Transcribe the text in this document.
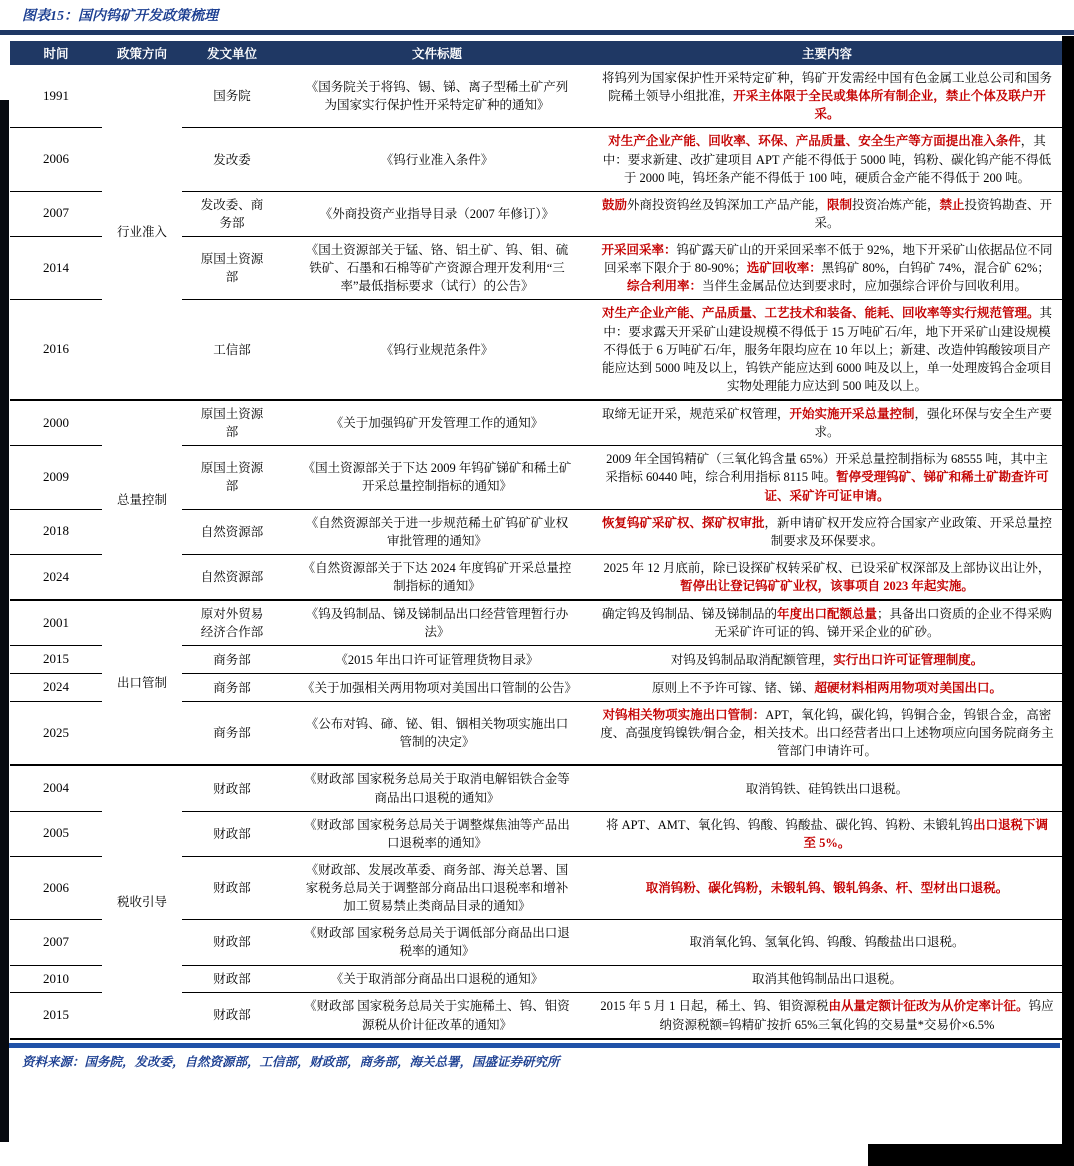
图表15：国内钨矿开发政策梳理
时间	政策方向	发文单位	文件标题	主要内容
1991	行业准入	国务院	《国务院关于将钨、锡、锑、离子型稀土矿产列为国家实行保护性开采特定矿种的通知》	将钨列为国家保护性开采特定矿种，钨矿开发需经中国有色金属工业总公司和国务院稀土领导小组批准，开采主体限于全民或集体所有制企业，禁止个体及联户开采。
2006		发改委	《钨行业准入条件》	对生产企业产能、回收率、环保、产品质量、安全生产等方面提出准入条件，其中：要求新建、改扩建项目 APT 产能不得低于 5000 吨，钨粉、碳化钨产能不得低于 2000 吨，钨坯条产能不得低于 100 吨，硬质合金产能不得低于 200 吨。
2007		发改委、商务部	《外商投资产业指导目录（2007 年修订）》	鼓励外商投资钨丝及钨深加工产品产能，限制投资冶炼产能，禁止投资钨勘查、开采。
2014		原国土资源部	《国土资源部关于锰、铬、铝土矿、钨、钼、硫铁矿、石墨和石棉等矿产资源合理开发利用“三率”最低指标要求（试行）的公告》	开采回采率：钨矿露天矿山的开采回采率不低于 92%，地下开采矿山依据品位不同回采率下限介于 80-90%；选矿回收率：黑钨矿 80%，白钨矿 74%，混合矿 62%；综合利用率：当伴生金属品位达到要求时，应加强综合评价与回收利用。
2016		工信部	《钨行业规范条件》	对生产企业产能、产品质量、工艺技术和装备、能耗、回收率等实行规范管理。其中：要求露天开采矿山建设规模不得低于 15 万吨矿石/年，地下开采矿山建设规模不得低于 6 万吨矿石/年，服务年限均应在 10 年以上；新建、改造仲钨酸铵项目产能应达到 5000 吨及以上，钨铁产能应达到 6000 吨及以上，单一处理废钨合金项目实物处理能力应达到 500 吨及以上。
2000	总量控制	原国土资源部	《关于加强钨矿开发管理工作的通知》	取缔无证开采，规范采矿权管理，开始实施开采总量控制，强化环保与安全生产要求。
2009		原国土资源部	《国土资源部关于下达 2009 年钨矿锑矿和稀土矿开采总量控制指标的通知》	2009 年全国钨精矿（三氧化钨含量 65%）开采总量控制指标为 68555 吨，其中主采指标 60440 吨，综合利用指标 8115 吨。暂停受理钨矿、锑矿和稀土矿勘查许可证、采矿许可证申请。
2018		自然资源部	《自然资源部关于进一步规范稀土矿钨矿矿业权审批管理的通知》	恢复钨矿采矿权、探矿权审批，新申请矿权开发应符合国家产业政策、开采总量控制要求及环保要求。
2024		自然资源部	《自然资源部关于下达 2024 年度钨矿开采总量控制指标的通知》	2025 年 12 月底前，除已设探矿权转采矿权、已设采矿权深部及上部协议出让外，暂停出让登记钨矿矿业权，该事项自 2023 年起实施。
2001	出口管制	原对外贸易经济合作部	《钨及钨制品、锑及锑制品出口经营管理暂行办法》	确定钨及钨制品、锑及锑制品的年度出口配额总量；具备出口资质的企业不得采购无采矿许可证的钨、锑开采企业的矿砂。
2015		商务部	《2015 年出口许可证管理货物目录》	对钨及钨制品取消配额管理，实行出口许可证管理制度。
2024		商务部	《关于加强相关两用物项对美国出口管制的公告》	原则上不予许可镓、锗、锑、超硬材料相两用物项对美国出口。
2025		商务部	《公布对钨、碲、铋、钼、铟相关物项实施出口管制的决定》	对钨相关物项实施出口管制：APT，氧化钨，碳化钨，钨铜合金，钨银合金，高密度、高强度钨镍铁/铜合金，相关技术。出口经营者出口上述物项应向国务院商务主管部门申请许可。
2004	税收引导	财政部	《财政部 国家税务总局关于取消电解铝铁合金等商品出口退税的通知》	取消钨铁、硅钨铁出口退税。
2005		财政部	《财政部 国家税务总局关于调整煤焦油等产品出口退税率的通知》	将 APT、AMT、氧化钨、钨酸、钨酸盐、碳化钨、钨粉、未锻轧钨出口退税下调至 5%。
2006		财政部	《财政部、发展改革委、商务部、海关总署、国家税务总局关于调整部分商品出口退税率和增补加工贸易禁止类商品目录的通知》	取消钨粉、碳化钨粉，未锻轧钨、锻轧钨条、杆、型材出口退税。
2007		财政部	《财政部 国家税务总局关于调低部分商品出口退税率的通知》	取消氧化钨、氢氧化钨、钨酸、钨酸盐出口退税。
2010		财政部	《关于取消部分商品出口退税的通知》	取消其他钨制品出口退税。
2015		财政部	《财政部 国家税务总局关于实施稀土、钨、钼资源税从价计征改革的通知》	2015 年 5 月 1 日起，稀土、钨、钼资源税由从量定额计征改为从价定率计征。钨应纳资源税额=钨精矿按折 65%三氧化钨的交易量*交易价×6.5%
资料来源：国务院，发改委，自然资源部，工信部，财政部，商务部，海关总署，国盛证券研究所
